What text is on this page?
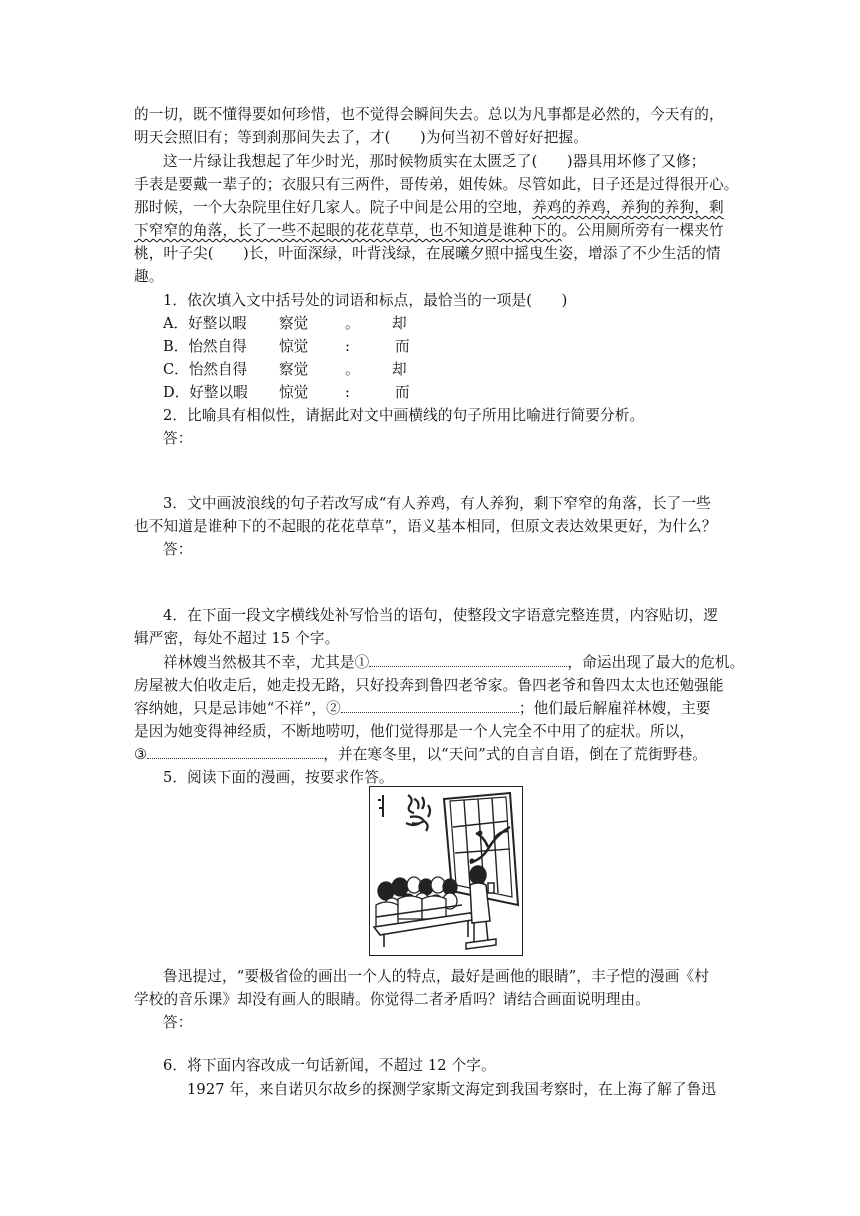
的一切，既不懂得要如何珍惜，也不觉得会瞬间失去。总以为凡事都是必然的，今天有的，
明天会照旧有；等到刹那间失去了，才(　　)为何当初不曾好好把握。
这一片绿让我想起了年少时光，那时候物质实在太匮乏了(　　)器具用坏修了又修；
手表是要戴一辈子的；衣服只有三两件，哥传弟，姐传妹。尽管如此，日子还是过得很开心。
那时候，一个大杂院里住好几家人。院子中间是公用的空地，养鸡的养鸡，养狗的养狗，剩
下窄窄的角落，长了一些不起眼的花花草草，也不知道是谁种下的。公用厕所旁有一棵夹竹
桃，叶子尖(　　)长，叶面深绿，叶背浅绿，在展曦夕照中摇曳生姿，增添了不少生活的情
趣。
1．依次填入文中括号处的词语和标点，最恰当的一项是(　　)
A．好整以暇 察觉	。 却
B．怡然自得 惊觉	:	而
C．怡然自得 察觉	。 却
D．好整以暇 惊觉	:	而
2．比喻具有相似性，请据此对文中画横线的句子所用比喻进行简要分析。
答：
3．文中画波浪线的句子若改写成“有人养鸡，有人养狗，剩下窄窄的角落，长了一些
也不知道是谁种下的不起眼的花花草草”，语义基本相同，但原文表达效果更好，为什么？
答：
4．在下面一段文字横线处补写恰当的语句，使整段文字语意完整连贯，内容贴切，逻
辑严密，每处不超过 15 个字。
祥林嫂当然极其不幸，尤其是①	，命运出现了最大的危机。
房屋被大伯收走后，她走投无路，只好投奔到鲁四老爷家。鲁四老爷和鲁四太太也还勉强能
容纳她，只是忌讳她“不祥”，②	；他们最后解雇祥林嫂，主要
是因为她变得神经质，不断地唠叨，他们觉得那是一个人完全不中用了的症状。所以，
③	，并在寒冬里，以“天问”式的自言自语，倒在了荒街野巷。
5．阅读下面的漫画，按要求作答。
鲁迅提过，“要极省俭的画出一个人的特点，最好是画他的眼睛”，丰子恺的漫画《村
学校的音乐课》却没有画人的眼睛。你觉得二者矛盾吗？请结合画面说明理由。
答：
6．将下面内容改成一句话新闻，不超过 12 个字。
1927 年，来自诺贝尔故乡的探测学家斯文海定到我国考察时，在上海了解了鲁迅
